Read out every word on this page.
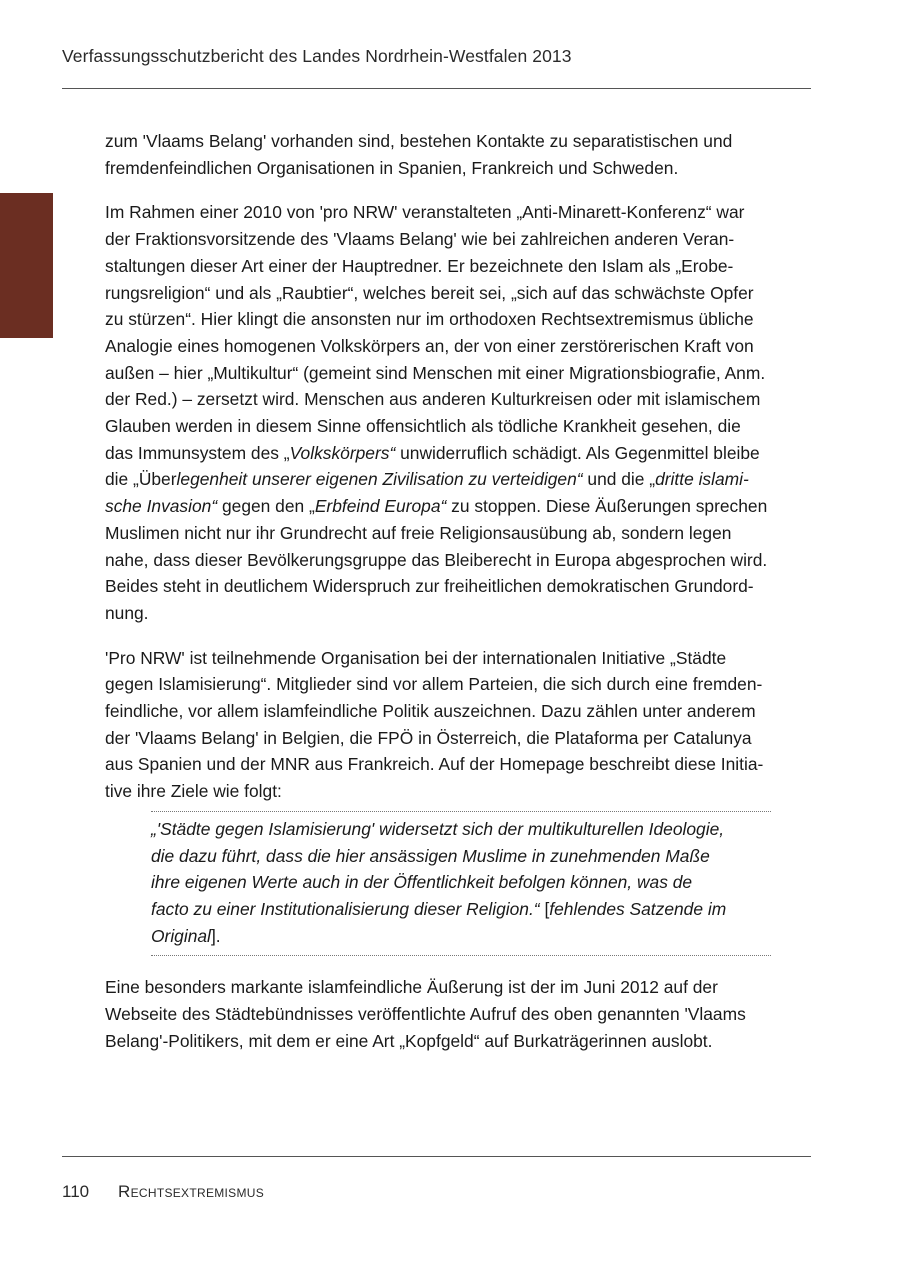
Verfassungsschutzbericht des Landes Nordrhein-Westfalen 2013

zum 'Vlaams Belang' vorhanden sind, bestehen Kontakte zu separatistischen und
fremdenfeindlichen Organisationen in Spanien, Frankreich und Schweden.

Im Rahmen einer 2010 von 'pro NRW' veranstalteten „Anti-Minarett-Konferenz“ war
der Fraktionsvorsitzende des 'Vlaams Belang' wie bei zahlreichen anderen Veran-
staltungen dieser Art einer der Hauptredner. Er bezeichnete den Islam als „Erobe-
rungsreligion“ und als „Raubtier“, welches bereit sei, „sich auf das schwächste Opfer
zu stürzen“. Hier klingt die ansonsten nur im orthodoxen Rechtsextremismus übliche
Analogie eines homogenen Volkskörpers an, der von einer zerstörerischen Kraft von
außen – hier „Multikultur“ (gemeint sind Menschen mit einer Migrationsbiografie, Anm.
der Red.) – zersetzt wird. Menschen aus anderen Kulturkreisen oder mit islamischem
Glauben werden in diesem Sinne offensichtlich als tödliche Krankheit gesehen, die
das Immunsystem des „Volkskörpers“ unwiderruflich schädigt. Als Gegenmittel bleibe
die „Überlegenheit unserer eigenen Zivilisation zu verteidigen“ und die „dritte islami-
sche Invasion“ gegen den „Erbfeind Europa“ zu stoppen. Diese Äußerungen sprechen
Muslimen nicht nur ihr Grundrecht auf freie Religionsausübung ab, sondern legen
nahe, dass dieser Bevölkerungsgruppe das Bleiberecht in Europa abgesprochen wird.
Beides steht in deutlichem Widerspruch zur freiheitlichen demokratischen Grundord-
nung.

'Pro NRW' ist teilnehmende Organisation bei der internationalen Initiative „Städte
gegen Islamisierung“. Mitglieder sind vor allem Parteien, die sich durch eine fremden-
feindliche, vor allem islamfeindliche Politik auszeichnen. Dazu zählen unter anderem
der 'Vlaams Belang' in Belgien, die FPÖ in Österreich, die Plataforma per Catalunya
aus Spanien und der MNR aus Frankreich. Auf der Homepage beschreibt diese Initia-
tive ihre Ziele wie folgt:

„'Städte gegen Islamisierung' widersetzt sich der multikulturellen Ideologie,
die dazu führt, dass die hier ansässigen Muslime in zunehmenden Maße
ihre eigenen Werte auch in der Öffentlichkeit befolgen können, was de
facto zu einer Institutionalisierung dieser Religion.“ [fehlendes Satzende im
Original].

Eine besonders markante islamfeindliche Äußerung ist der im Juni 2012 auf der
Webseite des Städtebündnisses veröffentlichte Aufruf des oben genannten 'Vlaams
Belang'-Politikers, mit dem er eine Art „Kopfgeld“ auf Burkaträgerinnen auslobt.

110 Rechtsextremismus
